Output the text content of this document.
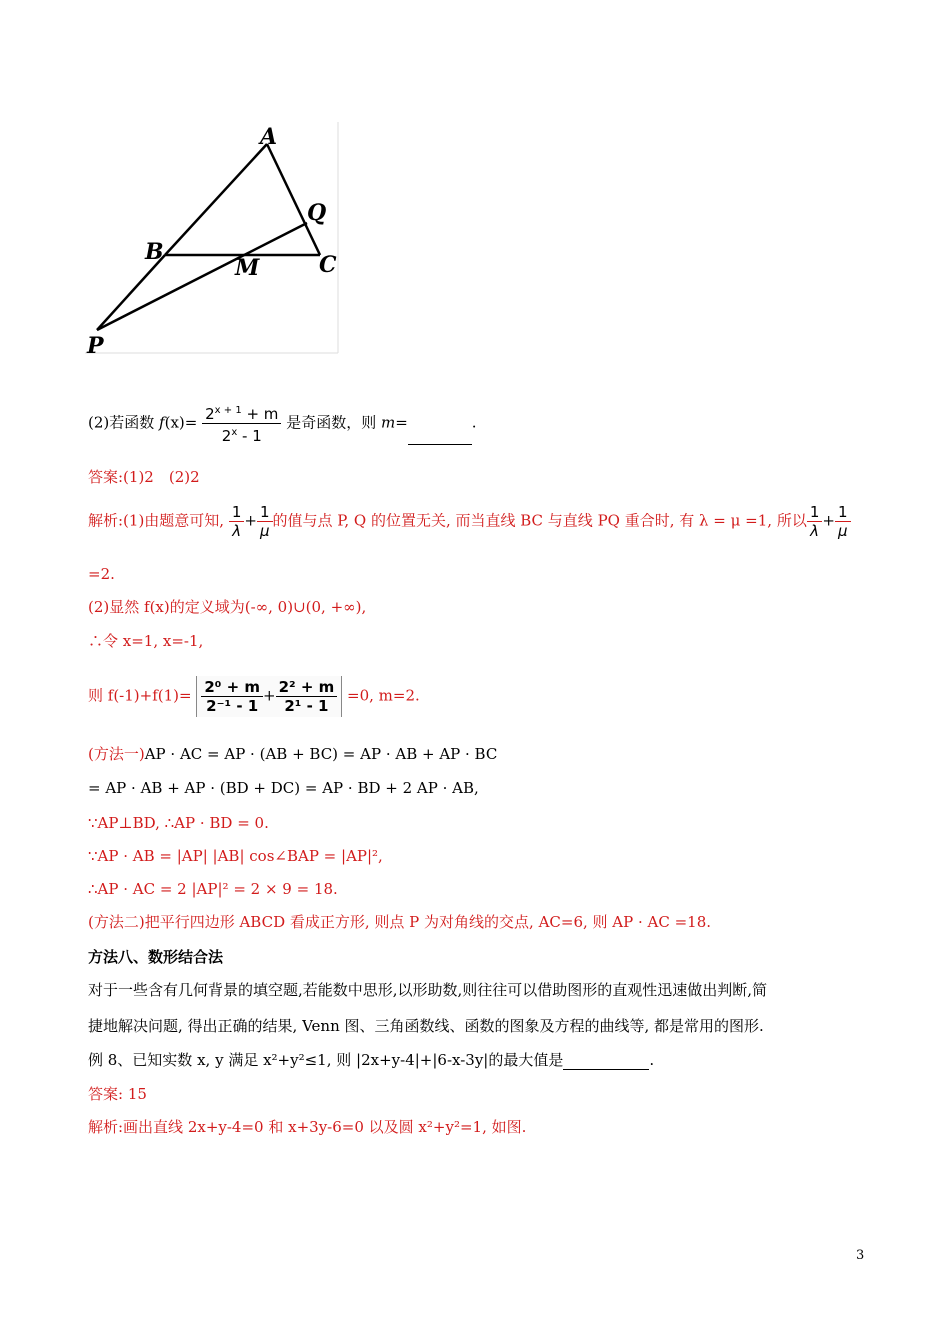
A
B	C
M
P
Q
(2)若函数 $f(x)= \frac{2^{x + 1} + m}{2^x - 1}$ 是奇函数，则 m=	.
答案:(1)2　(2)2
解析:(1)由题意可知, $\frac{1}{\lambda} + \frac{1}{\mu}$ 的值与点 P, Q 的位置无关, 而当直线 BC 与直线 PQ 重合时, 有 λ = μ =1, 所以 $\frac{1}{\lambda} + \frac{1}{\mu}$
=2.
(2)显然 f(x)的定义域为(-∞, 0)∪(0, +∞),
∴令 x=1, x=-1,
则 $f(-1)+f(1)= \frac{\text{2⁰ + m}}{\text{2⁻¹ - 1}} + \frac{\text{2² + m}}{\text{2¹ - 1}} =0$, m=2.
(方法一)AP · AC = AP · (AB + BC) = AP · AB + AP · BC
= AP · AB + AP · (BD + DC) = AP · BD + 2 AP · AB,
∵AP⊥BD, ∴AP · BD = 0.
∵AP · AB = |AP| |AB| cos∠BAP = |AP|²,
∴AP · AC = 2 |AP|² = 2 × 9 = 18.
(方法二)把平行四边形 ABCD 看成正方形, 则点 P 为对角线的交点, AC=6, 则 AP · AC =18.
方法八、数形结合法
对于一些含有几何背景的填空题,若能数中思形,以形助数,则往往可以借助图形的直观性迅速做出判断,简
捷地解决问题, 得出正确的结果, Venn 图、三角函数线、函数的图象及方程的曲线等, 都是常用的图形.
例 8、已知实数 x, y 满足 x²+y²≤1, 则 |2x+y-4|+|6-x-3y|的最大值是	.
答案: 15
解析:画出直线 2x+y-4=0 和 x+3y-6=0 以及圆 x²+y²=1, 如图.
3
